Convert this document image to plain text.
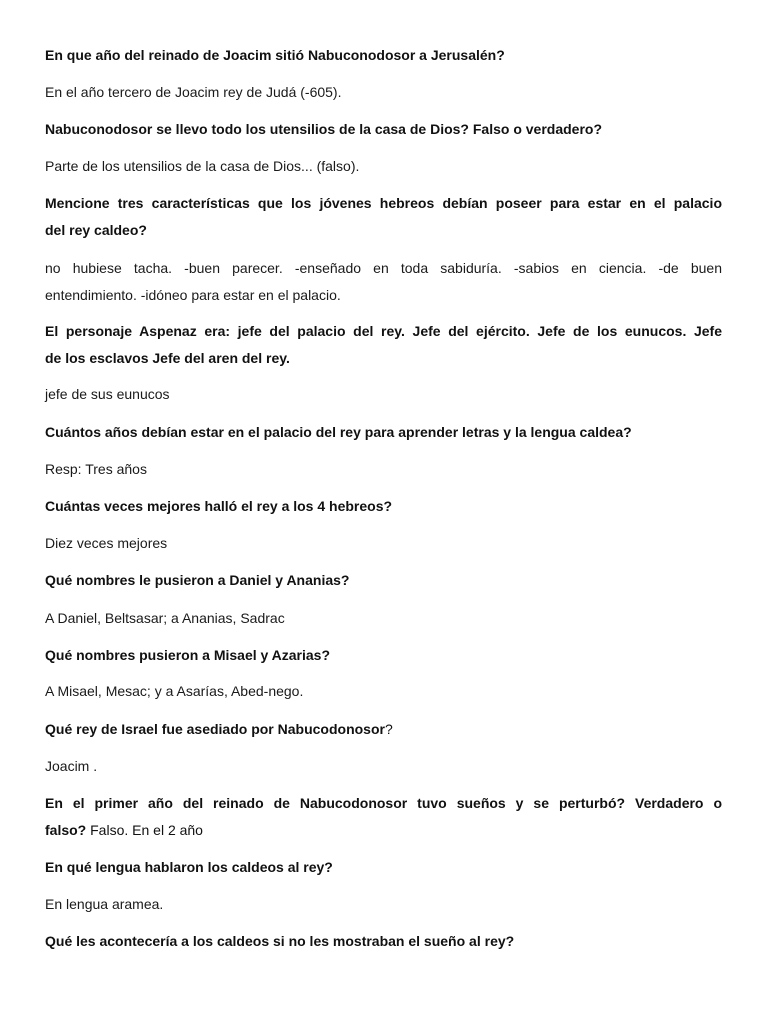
En que año del reinado de Joacim sitió Nabuconodosor a Jerusalén?
En el año tercero de Joacim rey de Judá (-605).
Nabuconodosor se llevo todo los utensilios de la casa de Dios? Falso o verdadero?
Parte de los utensilios de la casa de Dios... (falso).
Mencione tres características que los jóvenes hebreos debían poseer para estar en el palacio
del rey caldeo?
no hubiese tacha. -buen parecer. -enseñado en toda sabiduría. -sabios en ciencia. -de buen
entendimiento. -idóneo para estar en el palacio.
El personaje Aspenaz era: jefe del palacio del rey. Jefe del ejército. Jefe de los eunucos. Jefe
de los esclavos Jefe del aren del rey.
jefe de sus eunucos
Cuántos años debían estar en el palacio del rey para aprender letras y la lengua caldea?
Resp: Tres años
Cuántas veces mejores halló el rey a los 4 hebreos?
Diez veces mejores
Qué nombres le pusieron a Daniel y Ananias?
A Daniel, Beltsasar; a Ananias, Sadrac
Qué nombres pusieron a Misael y Azarias?
A Misael, Mesac; y a Asarías, Abed-nego.
Qué rey de Israel fue asediado por Nabucodonosor?
Joacim .
En el primer año del reinado de Nabucodonosor tuvo sueños y se perturbó? Verdadero o
falso? Falso. En el 2 año
En qué lengua hablaron los caldeos al rey?
En lengua aramea.
Qué les acontecería a los caldeos si no les mostraban el sueño al rey?
